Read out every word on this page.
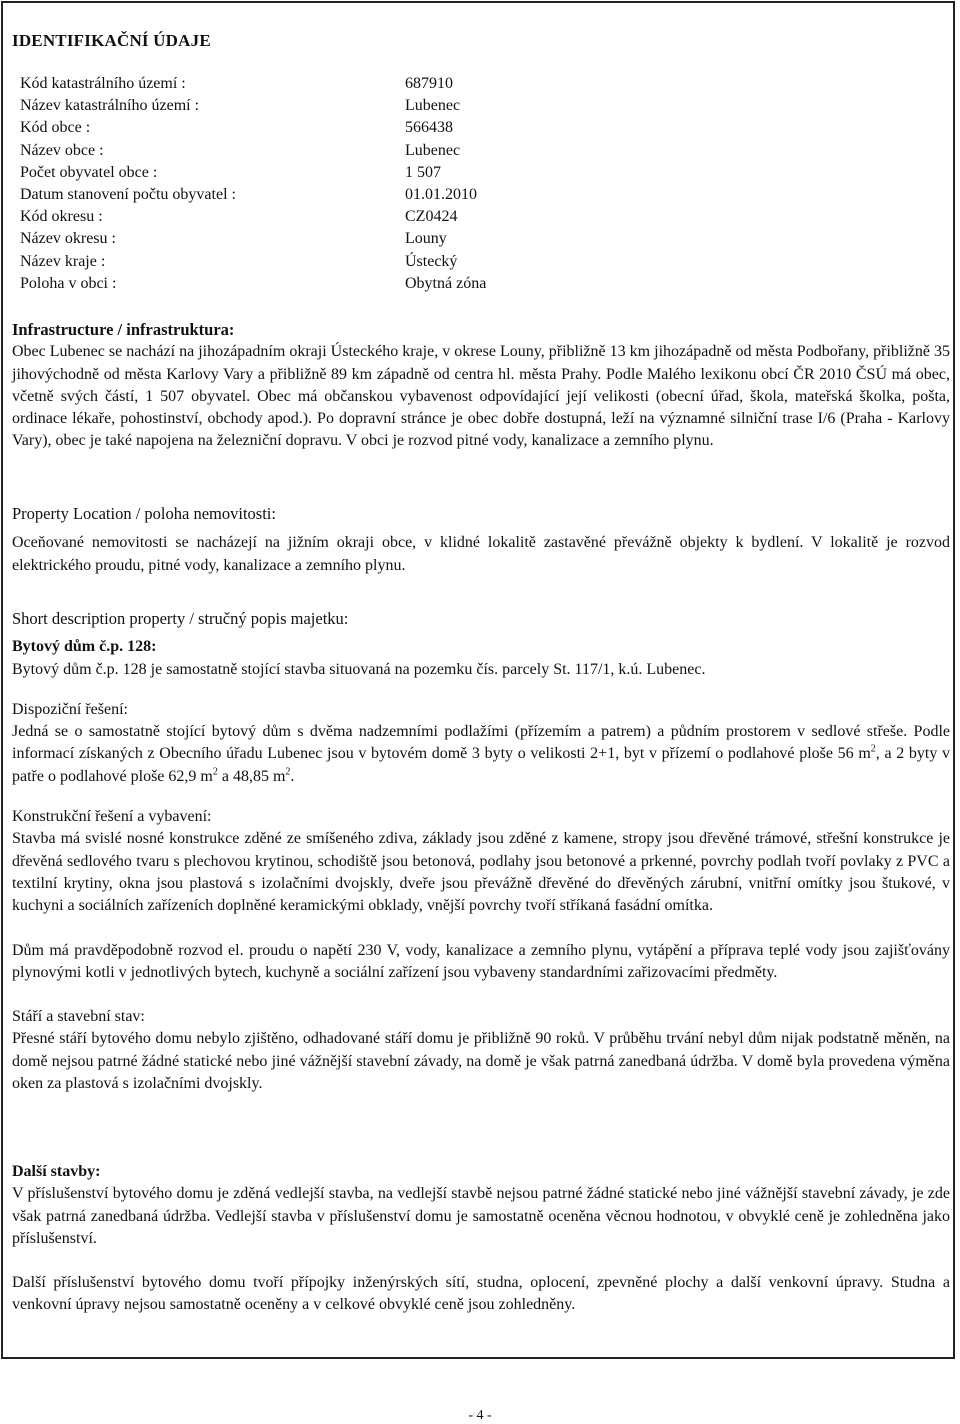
IDENTIFIKAČNÍ ÚDAJE
Kód katastrálního území :	687910
Název katastrálního území :	Lubenec
Kód obce :	566438
Název obce :	Lubenec
Počet obyvatel obce :	1 507
Datum stanovení počtu obyvatel :	01.01.2010
Kód okresu :	CZ0424
Název okresu :	Louny
Název kraje :	Ústecký
Poloha v obci :	Obytná zóna

Infrastructure / infrastruktura:

Obec Lubenec se nachází na jihozápadním okraji Ústeckého kraje, v okrese Louny, přibližně 13 km jihozápadně od města Podbořany, přibližně 35 jihovýchodně od města Karlovy Vary a přibližně 89 km západně od centra hl. města Prahy. Podle Malého lexikonu obcí ČR 2010 ČSÚ má obec, včetně svých částí, 1 507 obyvatel. Obec má občanskou vybavenost odpovídající její velikosti (obecní úřad, škola, mateřská školka, pošta, ordinace lékaře, pohostinství, obchody apod.). Po dopravní stránce je obec dobře dostupná, leží na významné silniční trase I/6 (Praha - Karlovy Vary), obec je také napojena na železniční dopravu. V obci je rozvod pitné vody, kanalizace a zemního plynu.

Property Location / poloha nemovitosti:

Oceňované nemovitosti se nacházejí na jižním okraji obce, v klidné lokalitě zastavěné převážně objekty k bydlení. V lokalitě je rozvod elektrického proudu, pitné vody, kanalizace a zemního plynu.

Short description property / stručný popis majetku:

Bytový dům č.p. 128:

Bytový dům č.p. 128 je samostatně stojící stavba situovaná na pozemku čís. parcely St. 117/1, k.ú. Lubenec.

Dispoziční řešení:

Jedná se o samostatně stojící bytový dům s dvěma nadzemními podlažími (přízemím a patrem) a půdním prostorem v sedlové střeše. Podle informací získaných z Obecního úřadu Lubenec jsou v bytovém domě 3 byty o velikosti 2+1, byt v přízemí o podlahové ploše 56 $m^2$, a 2 byty v patře o podlahové ploše 62,9 $m^2$ a 48,85 $m^2$.

Konstrukční řešení a vybavení:

Stavba má svislé nosné konstrukce zděné ze smíšeného zdiva, základy jsou zděné z kamene, stropy jsou dřevěné trámové, střešní konstrukce je dřevěná sedlového tvaru s plechovou krytinou, schodiště jsou betonová, podlahy jsou betonové a prkenné, povrchy podlah tvoří povlaky z PVC a textilní krytiny, okna jsou plastová s izolačními dvojskly, dveře jsou převážně dřevěné do dřevěných zárubní, vnitřní omítky jsou štukové, v kuchyni a sociálních zařízeních doplněné keramickými obklady, vnější povrchy tvoří stříkaná fasádní omítka.

Dům má pravděpodobně rozvod el. proudu o napětí 230 V, vody, kanalizace a zemního plynu, vytápění a příprava teplé vody jsou zajišťovány plynovými kotli v jednotlivých bytech, kuchyně a sociální zařízení jsou vybaveny standardními zařizovacími předměty.

Stáří a stavební stav:

Přesné stáří bytového domu nebylo zjištěno, odhadované stáří domu je přibližně 90 roků. V průběhu trvání nebyl dům nijak podstatně měněn, na domě nejsou patrné žádné statické nebo jiné vážnější stavební závady, na domě je však patrná zanedbaná údržba. V domě byla provedena výměna oken za plastová s izolačními dvojskly.

Další stavby:

V příslušenství bytového domu je zděná vedlejší stavba, na vedlejší stavbě nejsou patrné žádné statické nebo jiné vážnější stavební závady, je zde však patrná zanedbaná údržba. Vedlejší stavba v příslušenství domu je samostatně oceněna věcnou hodnotou, v obvyklé ceně je zohledněna jako příslušenství.

Další příslušenství bytového domu tvoří přípojky inženýrských sítí, studna, oplocení, zpevněné plochy a další venkovní úpravy. Studna a venkovní úpravy nejsou samostatně oceněny a v celkové obvyklé ceně jsou zohledněny.

- 4 -
